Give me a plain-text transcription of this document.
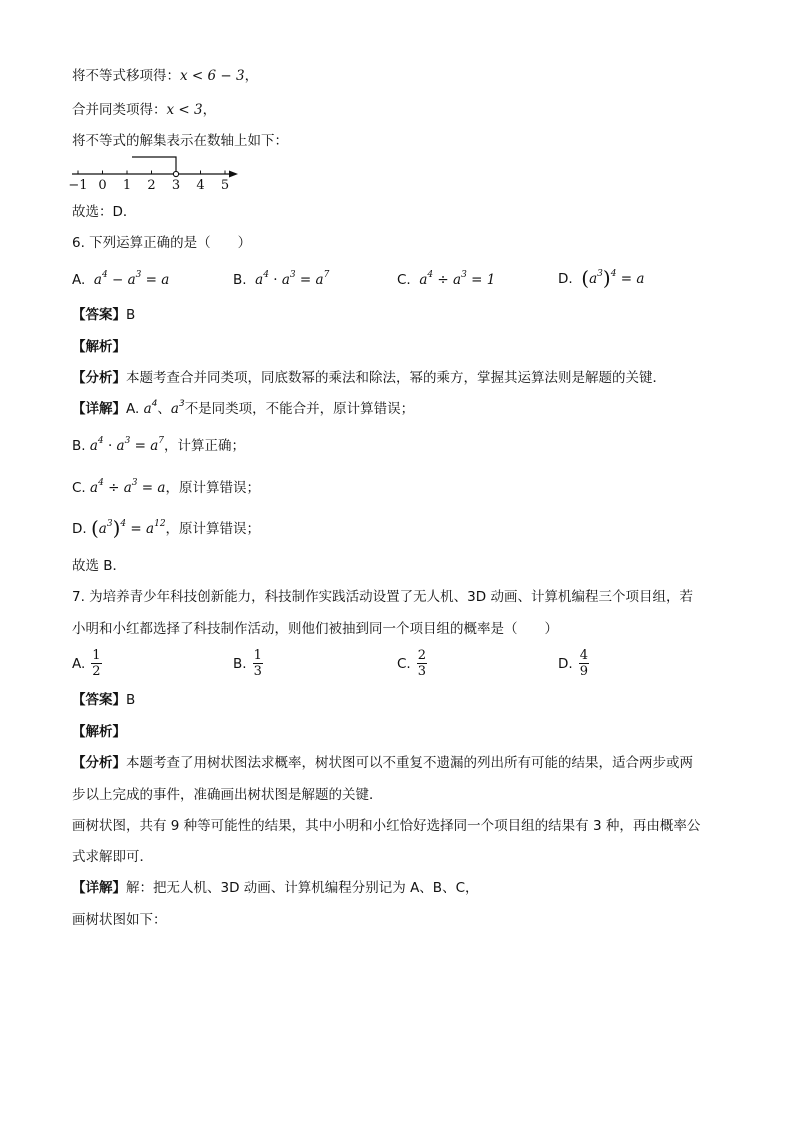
将不等式移项得：x < 6 − 3，
合并同类项得：x < 3，
将不等式的解集表示在数轴上如下：
−1 0 1 2 3 4 5
故选：D．
6. 下列运算正确的是（　　）
A. $a^4 - a^3 = a$	B. $a^4 \cdot a^3 = a^7$	C. $a^4 \div a^3 = 1$	D. $(a^3)^4 = a$
【答案】B
【解析】
【分析】本题考查合并同类项，同底数幂的乘法和除法，幂的乘方，掌握其运算法则是解题的关键．
【详解】A. $a^4$、$a^3$不是同类项，不能合并，原计算错误；
B. $a^4 \cdot a^3 = a^7$，计算正确；
C. $a^4 \div a^3 = a$，原计算错误；
D. $(a^3)^4 = a^{12}$，原计算错误；
故选 B．
7. 为培养青少年科技创新能力，科技制作实践活动设置了无人机、3D 动画、计算机编程三个项目组，若
小明和小红都选择了科技制作活动，则他们被抽到同一个项目组的概率是（　　）
A. $\frac{1}{2}$	B. $\frac{1}{3}$	C. $\frac{2}{3}$	D. $\frac{4}{9}$
【答案】B
【解析】
【分析】本题考查了用树状图法求概率，树状图可以不重复不遗漏的列出所有可能的结果，适合两步或两
步以上完成的事件，准确画出树状图是解题的关键．
画树状图，共有 9 种等可能性的结果，其中小明和小红恰好选择同一个项目组的结果有 3 种，再由概率公
式求解即可．
【详解】解：把无人机、3D 动画、计算机编程分别记为 A、B、C，
画树状图如下：
